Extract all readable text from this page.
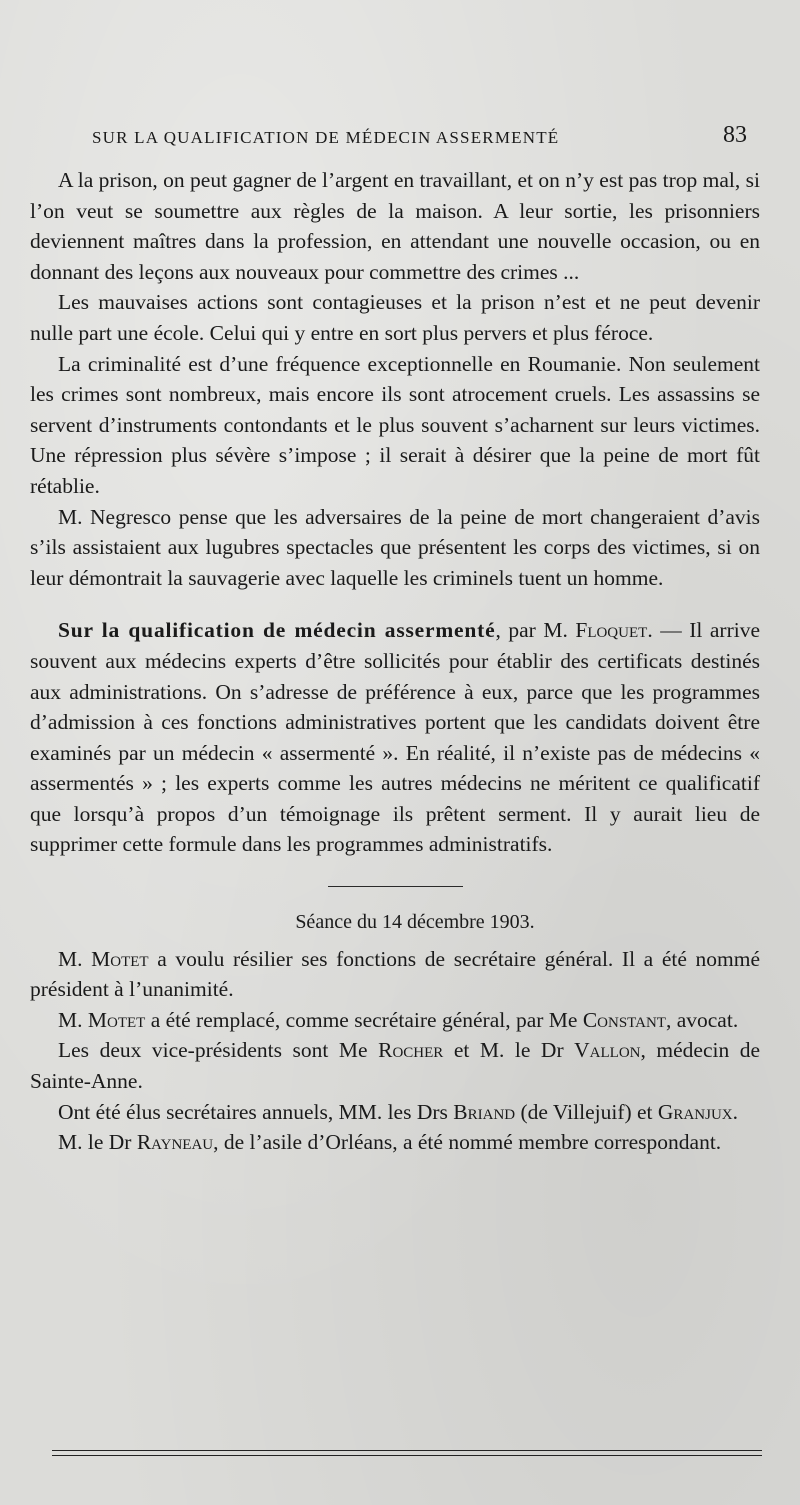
SUR LA QUALIFICATION DE MÉDECIN ASSERMENTÉ	83

A la prison, on peut gagner de l’argent en travaillant, et on n’y est pas trop mal, si l’on veut se soumettre aux règles de la maison. A leur sortie, les prisonniers deviennent maîtres dans la profession, en attendant une nouvelle occasion, ou en donnant des leçons aux nouveaux pour commettre des crimes ...

Les mauvaises actions sont contagieuses et la prison n’est et ne peut devenir nulle part une école. Celui qui y entre en sort plus pervers et plus féroce.

La criminalité est d’une fréquence exceptionnelle en Roumanie. Non seulement les crimes sont nombreux, mais encore ils sont atrocement cruels. Les assassins se servent d’instruments contondants et le plus souvent s’acharnent sur leurs victimes. Une répression plus sévère s’impose ; il serait à désirer que la peine de mort fût rétablie.

M. Negresco pense que les adversaires de la peine de mort changeraient d’avis s’ils assistaient aux lugubres spectacles que présentent les corps des victimes, si on leur démontrait la sauvagerie avec laquelle les criminels tuent un homme.

Sur la qualification de médecin assermenté, par M. Floquet. — Il arrive souvent aux médecins experts d’être sollicités pour établir des certificats destinés aux administrations. On s’adresse de préférence à eux, parce que les programmes d’admission à ces fonctions administratives portent que les candidats doivent être examinés par un médecin « assermenté ». En réalité, il n’existe pas de médecins « assermentés » ; les experts comme les autres médecins ne méritent ce qualificatif que lorsqu’à propos d’un témoignage ils prêtent serment. Il y aurait lieu de supprimer cette formule dans les programmes administratifs.

Séance du 14 décembre 1903.

M. Motet a voulu résilier ses fonctions de secrétaire général. Il a été nommé président à l’unanimité.

M. Motet a été remplacé, comme secrétaire général, par Me Constant, avocat.

Les deux vice-présidents sont Me Rocher et M. le Dr Vallon, médecin de Sainte-Anne.

Ont été élus secrétaires annuels, MM. les Drs Briand (de Villejuif) et Granjux.

M. le Dr Rayneau, de l’asile d’Orléans, a été nommé membre correspondant.
